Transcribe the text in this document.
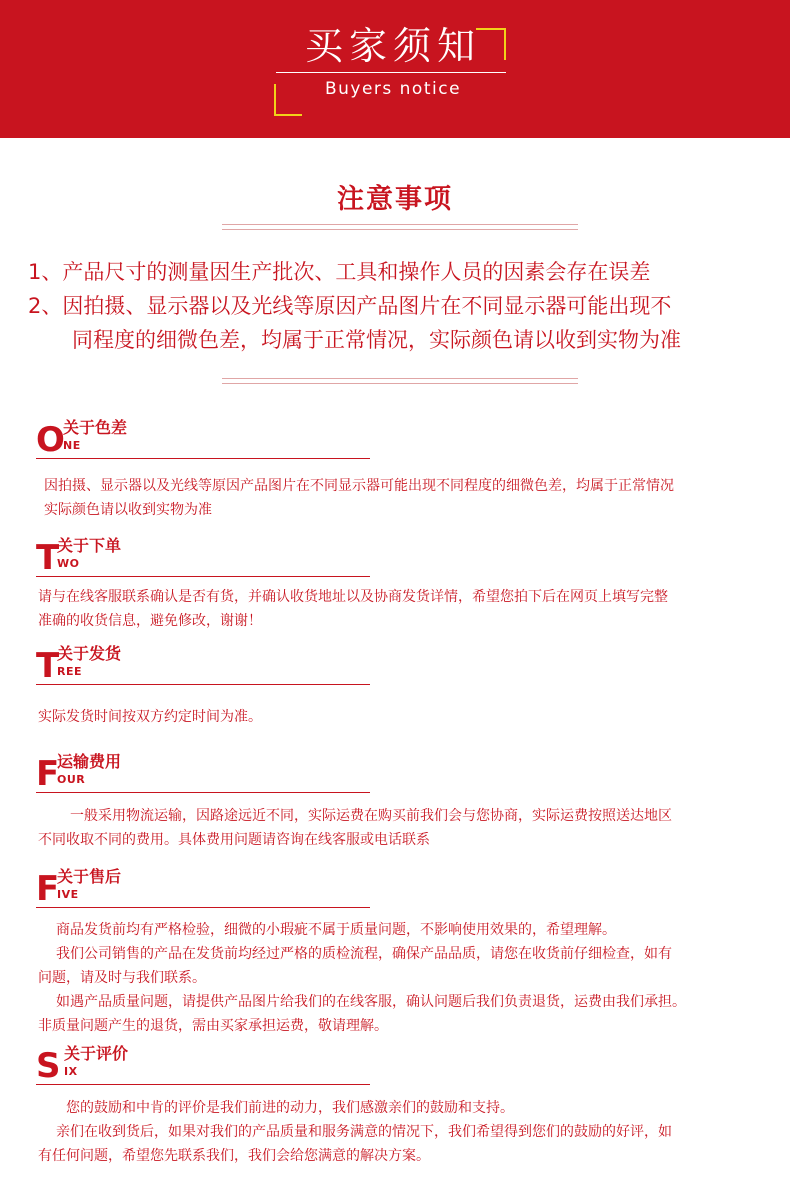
买家须知
Buyers notice
注意事项
1、产品尺寸的测量因生产批次、工具和操作人员的因素会存在误差
2、因拍摄、显示器以及光线等原因产品图片在不同显示器可能出现不
同程度的细微色差，均属于正常情况，实际颜色请以收到实物为准
O
关于色差
NE
因拍摄、显示器以及光线等原因产品图片在不同显示器可能出现不同程度的细微色差，均属于正常情况
实际颜色请以收到实物为准
T
关于下单
WO
请与在线客服联系确认是否有货，并确认收货地址以及协商发货详情，希望您拍下后在网页上填写完整
准确的收货信息，避免修改，谢谢！
T
关于发货
REE
实际发货时间按双方约定时间为准。
F
运输费用
OUR
一般采用物流运输，因路途远近不同，实际运费在购买前我们会与您协商，实际运费按照送达地区
不同收取不同的费用。具体费用问题请咨询在线客服或电话联系
F
关于售后
IVE
商品发货前均有严格检验，细微的小瑕疵不属于质量问题，不影响使用效果的，希望理解。
我们公司销售的产品在发货前均经过严格的质检流程，确保产品品质，请您在收货前仔细检查，如有
问题，请及时与我们联系。
如遇产品质量问题，请提供产品图片给我们的在线客服，确认问题后我们负责退货，运费由我们承担。
非质量问题产生的退货，需由买家承担运费，敬请理解。
S 关于评价
IX
您的鼓励和中肯的评价是我们前进的动力，我们感激亲们的鼓励和支持。
亲们在收到货后，如果对我们的产品质量和服务满意的情况下，我们希望得到您们的鼓励的好评，如
有任何问题，希望您先联系我们，我们会给您满意的解决方案。
